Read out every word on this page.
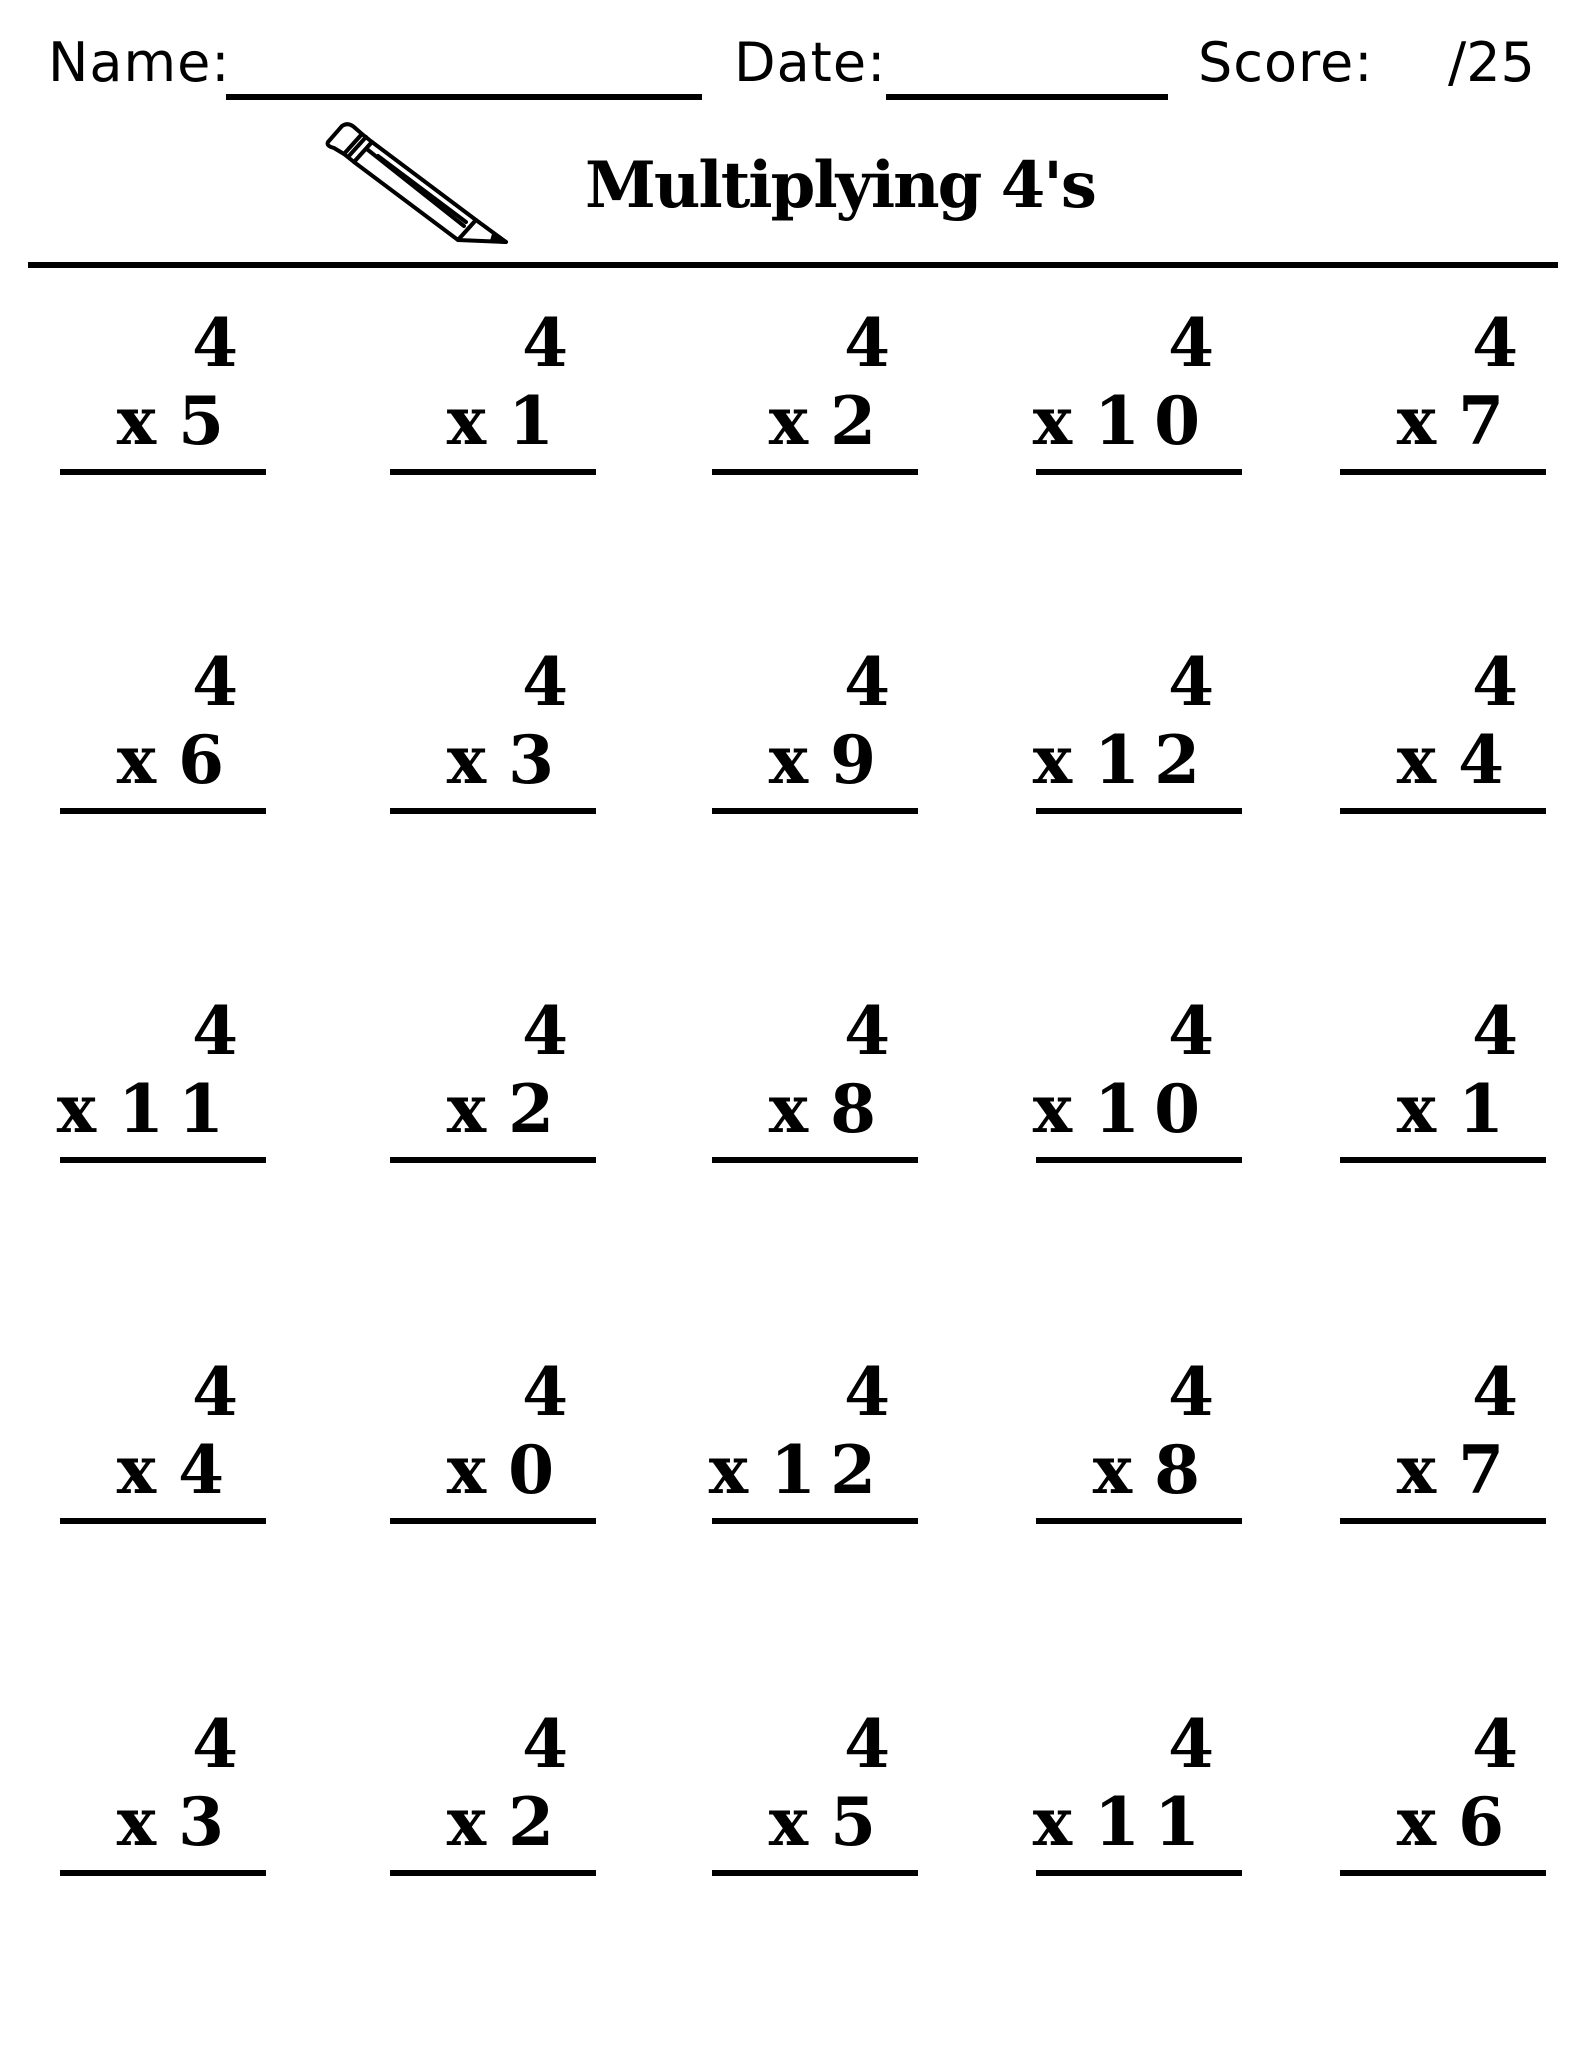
Name:	Date:	Score: /25
Multiplying 4's
4
x 5
4
x 1
4
x 2
4
x 10
4
x 7
4
x 6
4
x 3
4
x 9
4
x 12
4
x 4
4
x 11
4
x 2
4
x 8
4
x 10
4
x 1
4
x 4
4
x 0
4
x 12
4
x 8
4
x 7
4
x 3
4
x 2
4
x 5
4
x 11
4
x 6
